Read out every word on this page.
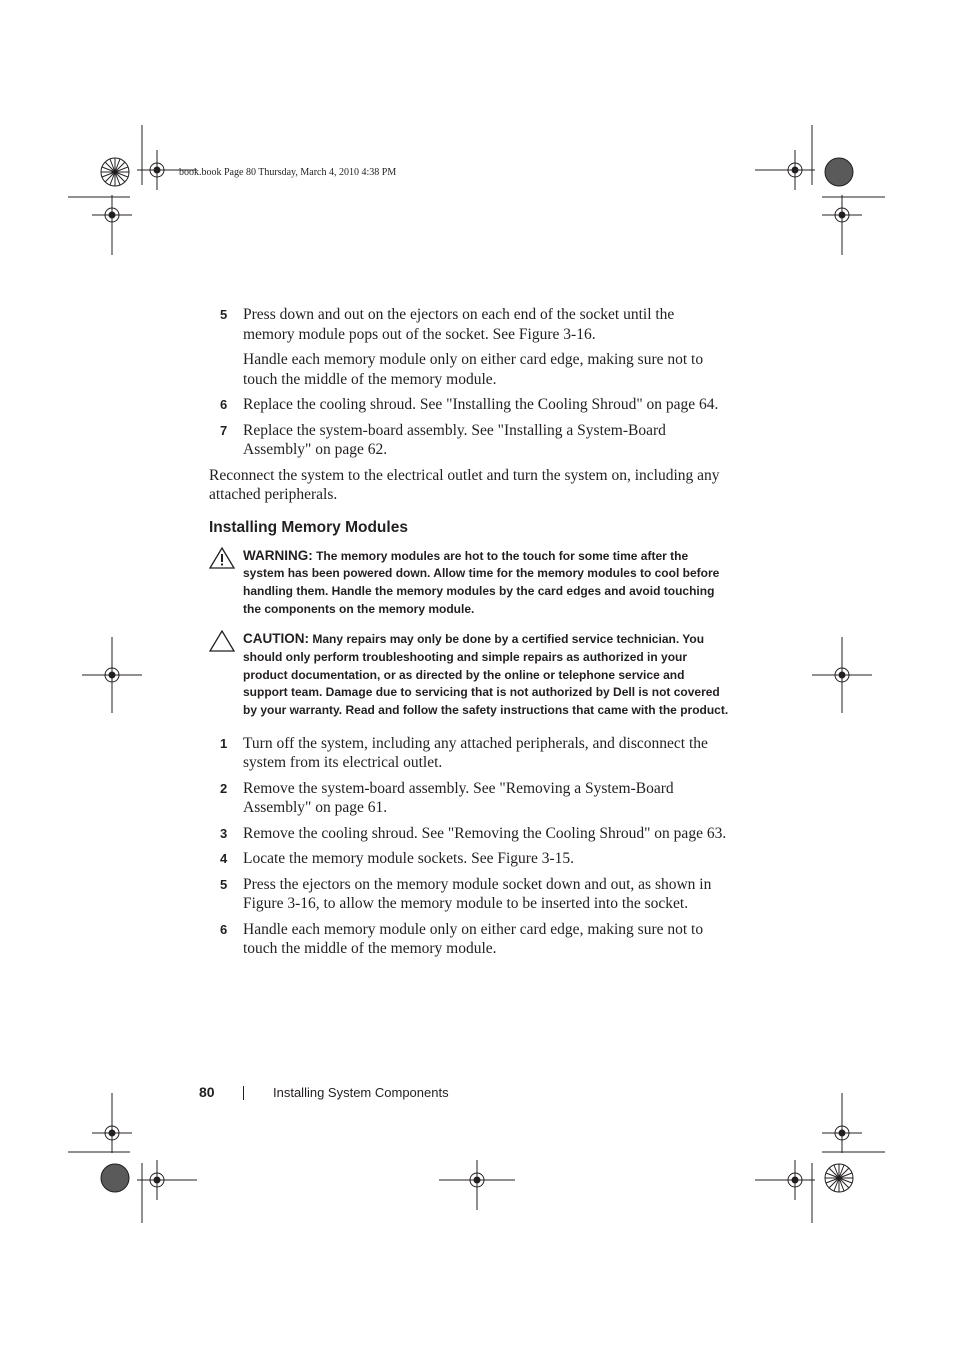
book.book Page 80 Thursday, March 4, 2010 4:38 PM
5 Press down and out on the ejectors on each end of the socket until the memory module pops out of the socket. See Figure 3-16.

Handle each memory module only on either card edge, making sure not to touch the middle of the memory module.

6 Replace the cooling shroud. See "Installing the Cooling Shroud" on page 64.

7 Replace the system-board assembly. See "Installing a System-Board Assembly" on page 62.

Reconnect the system to the electrical outlet and turn the system on, including any attached peripherals.

Installing Memory Modules
WARNING: The memory modules are hot to the touch for some time after the system has been powered down. Allow time for the memory modules to cool before handling them. Handle the memory modules by the card edges and avoid touching the components on the memory module.
CAUTION: Many repairs may only be done by a certified service technician. You should only perform troubleshooting and simple repairs as authorized in your product documentation, or as directed by the online or telephone service and support team. Damage due to servicing that is not authorized by Dell is not covered by your warranty. Read and follow the safety instructions that came with the product.
1 Turn off the system, including any attached peripherals, and disconnect the system from its electrical outlet.

2 Remove the system-board assembly. See "Removing a System-Board Assembly" on page 61.

3 Remove the cooling shroud. See "Removing the Cooling Shroud" on page 63.

4 Locate the memory module sockets. See Figure 3-15.

5 Press the ejectors on the memory module socket down and out, as shown in Figure 3-16, to allow the memory module to be inserted into the socket.

6 Handle each memory module only on either card edge, making sure not to touch the middle of the memory module.

80	Installing System Components
